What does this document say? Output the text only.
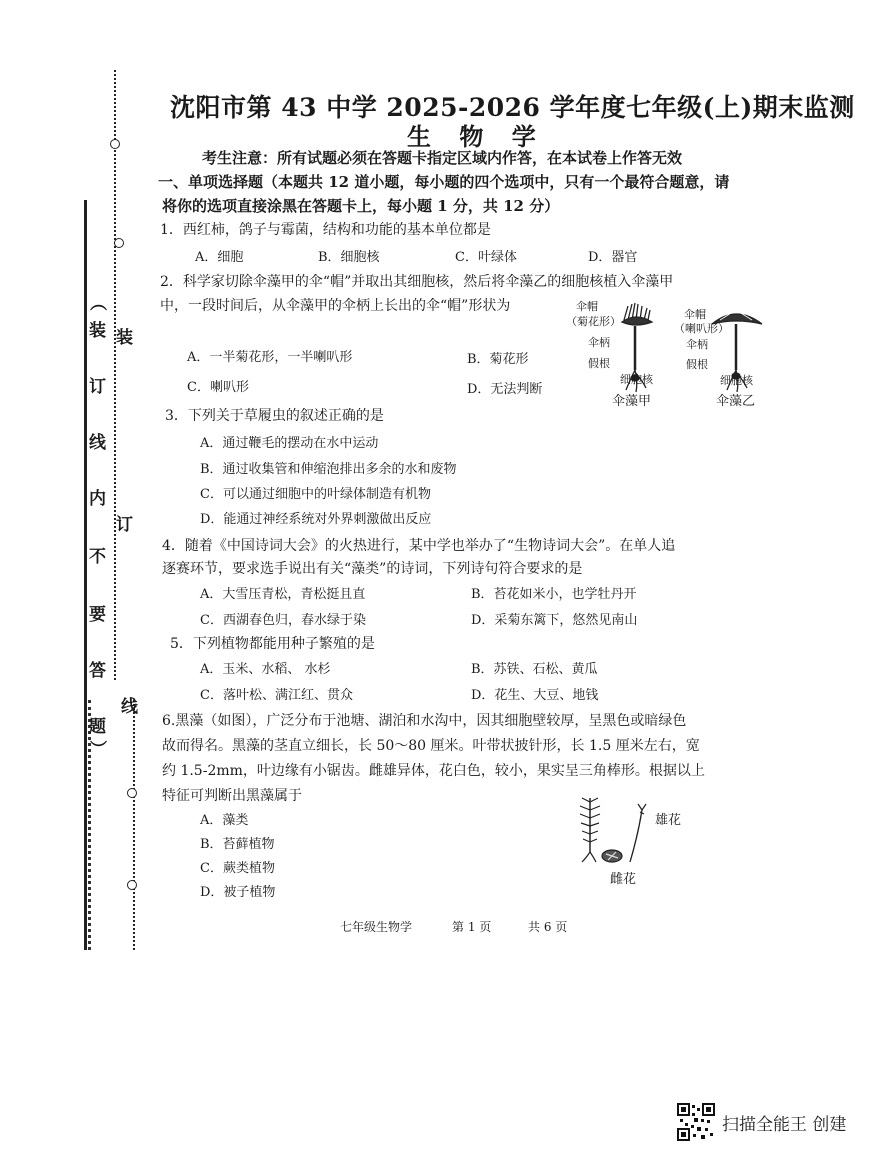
（
装
订
线
内
不
要
答
题
）
装
订
线
沈阳市第 43 中学 2025-2026 学年度七年级(上)期末监测
生 物 学
考生注意：所有试题必须在答题卡指定区域内作答，在本试卷上作答无效
一、单项选择题（本题共 12 道小题，每小题的四个选项中，只有一个最符合题意，请
将你的选项直接涂黑在答题卡上，每小题 1 分，共 12 分）
1．西红柿，鸽子与霉菌，结构和功能的基本单位都是
A．细胞	B．细胞核	C．叶绿体	D．器官
2．科学家切除伞藻甲的伞“帽”并取出其细胞核，然后将伞藻乙的细胞核植入伞藻甲
中，一段时间后，从伞藻甲的伞柄上长出的伞“帽”形状为
A．一半菊花形，一半喇叭形	B．菊花形
C．喇叭形	D．无法判断
伞帽
（菊花形）
伞柄
假根
细胞核
伞藻甲
伞帽
（喇叭形）
伞柄
假根
细胞核
伞藻乙
3．下列关于草履虫的叙述正确的是
A．通过鞭毛的摆动在水中运动
B．通过收集管和伸缩泡排出多余的水和废物
C．可以通过细胞中的叶绿体制造有机物
D．能通过神经系统对外界刺激做出反应
4．随着《中国诗词大会》的火热进行，某中学也举办了“生物诗词大会”。在单人追
逐赛环节，要求选手说出有关“藻类”的诗词，下列诗句符合要求的是
A．大雪压青松，青松挺且直	B．苔花如米小，也学牡丹开
C．西湖春色归，春水绿于染	D．采菊东篱下，悠然见南山
5．下列植物都能用种子繁殖的是
A．玉米、水稻、 水杉	B．苏铁、石松、黄瓜
C．落叶松、满江红、贯众	D．花生、大豆、地钱
6.黑藻（如图），广泛分布于池塘、湖泊和水沟中，因其细胞壁较厚，呈黑色或暗绿色
故而得名。黑藻的茎直立细长，长 50～80 厘米。叶带状披针形，长 1.5 厘米左右，宽
约 1.5-2mm，叶边缘有小锯齿。雌雄异体，花白色，较小，果实呈三角棒形。根据以上
特征可判断出黑藻属于
A．藻类
B．苔藓植物
C．蕨类植物
D．被子植物
雄花
雌花
七年级生物学	第 1 页	共 6 页
扫描全能王 创建
